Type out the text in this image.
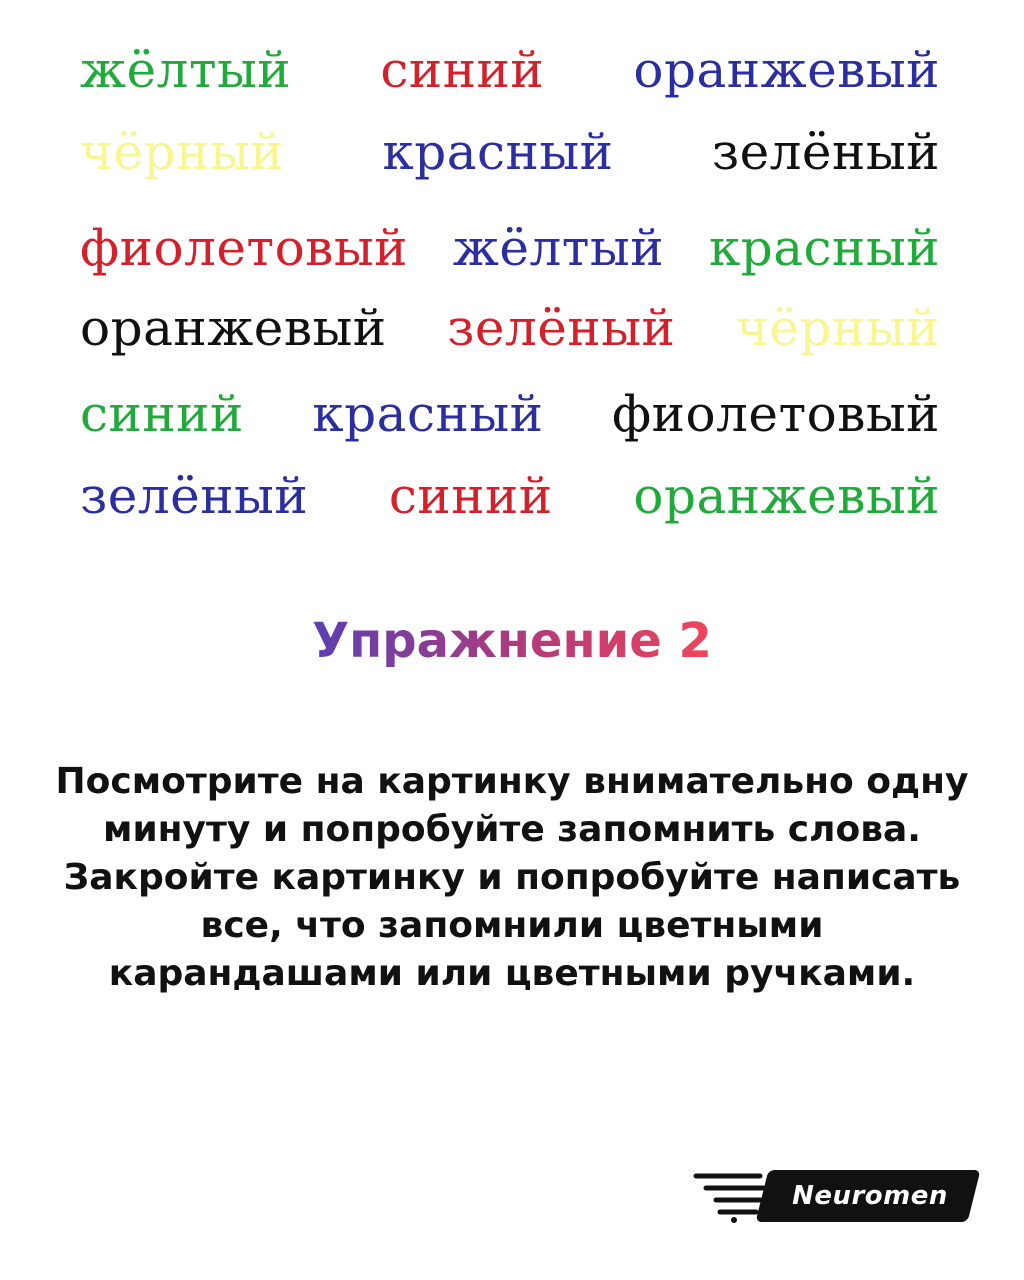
жёлтый синий оранжевый
чёрный красный зелёный
фиолетовый жёлтый красный
оранжевый зелёный чёрный
синий красный фиолетовый
зелёный синий оранжевый
Упражнение 2
Посмотрите на картинку внимательно одну
минуту и попробуйте запомнить слова.
Закройте картинку и попробуйте написать
все, что запомнили цветными
карандашами или цветными ручками.
Neuromen
